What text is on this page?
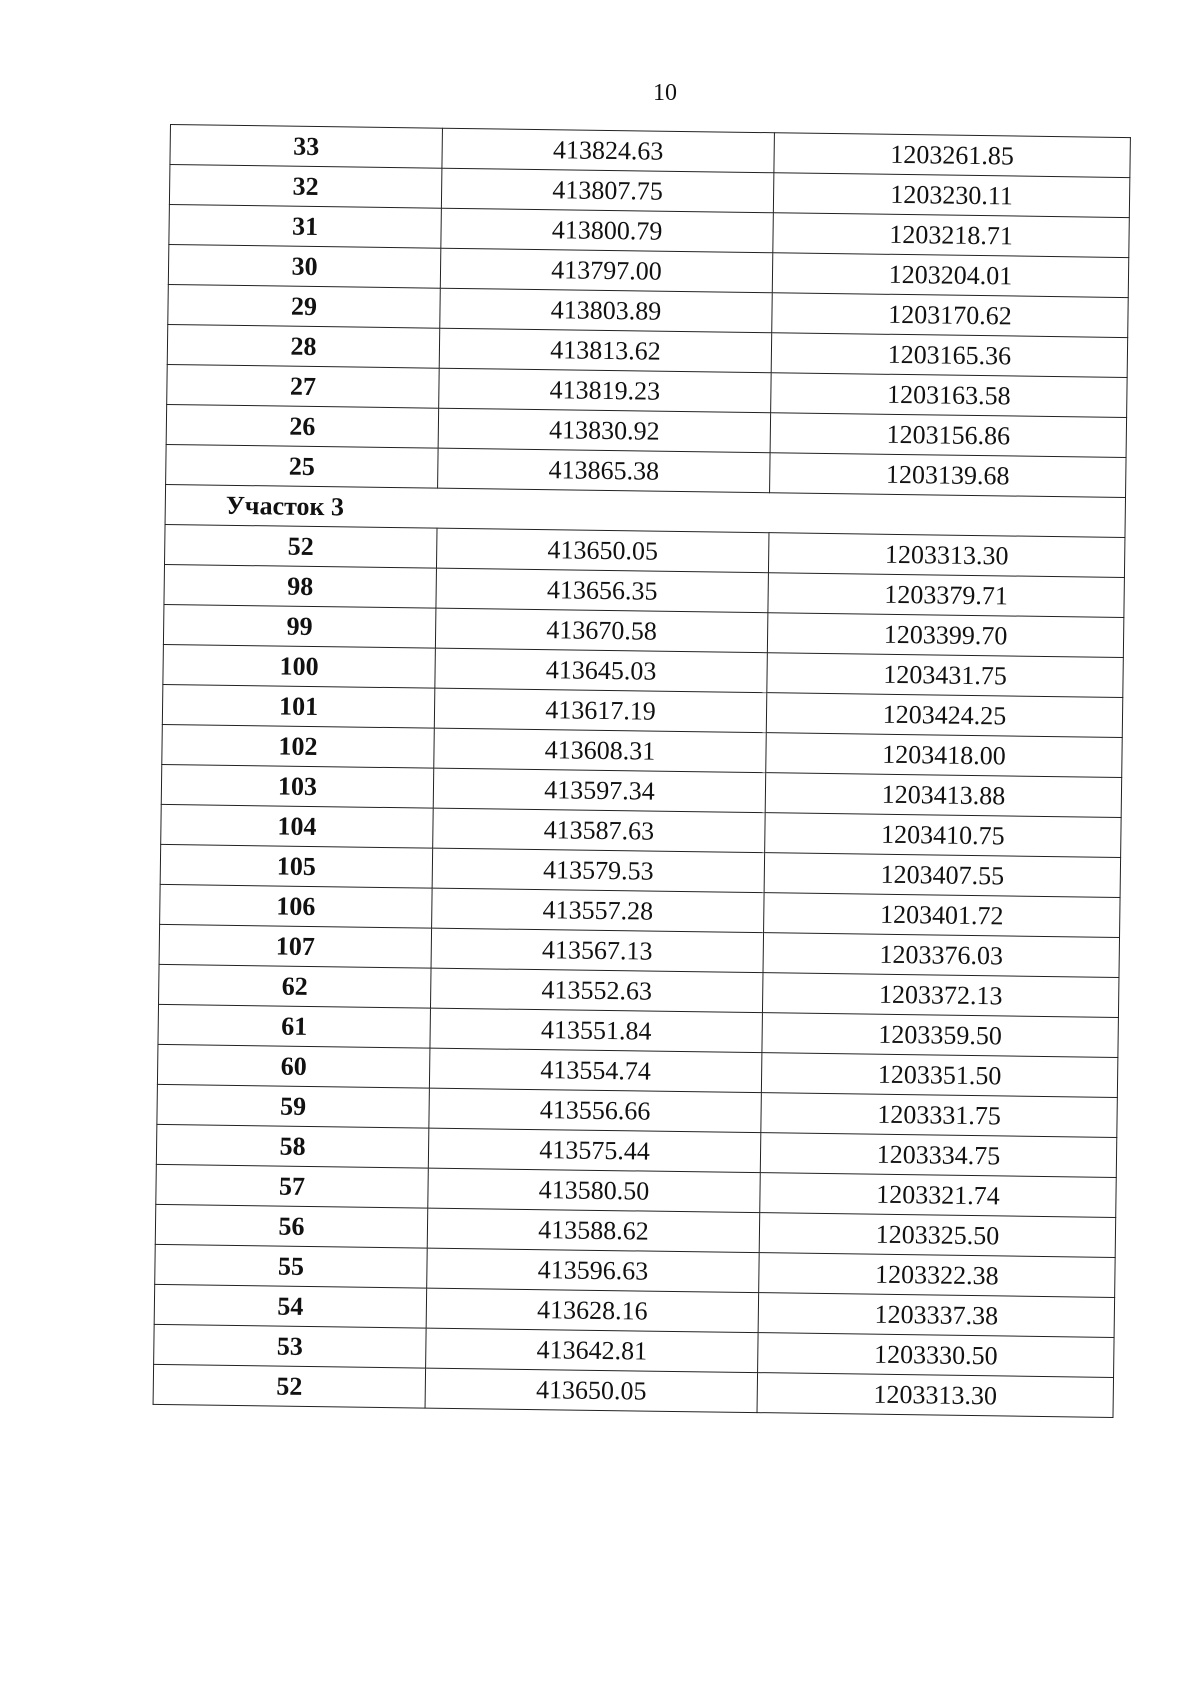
10
33	413824.63	1203261.85
32	413807.75	1203230.11
31	413800.79	1203218.71
30	413797.00	1203204.01
29	413803.89	1203170.62
28	413813.62	1203165.36
27	413819.23	1203163.58
26	413830.92	1203156.86
25	413865.38	1203139.68
Участок 3		
52	413650.05	1203313.30
98	413656.35	1203379.71
99	413670.58	1203399.70
100	413645.03	1203431.75
101	413617.19	1203424.25
102	413608.31	1203418.00
103	413597.34	1203413.88
104	413587.63	1203410.75
105	413579.53	1203407.55
106	413557.28	1203401.72
107	413567.13	1203376.03
62	413552.63	1203372.13
61	413551.84	1203359.50
60	413554.74	1203351.50
59	413556.66	1203331.75
58	413575.44	1203334.75
57	413580.50	1203321.74
56	413588.62	1203325.50
55	413596.63	1203322.38
54	413628.16	1203337.38
53	413642.81	1203330.50
52	413650.05	1203313.30
